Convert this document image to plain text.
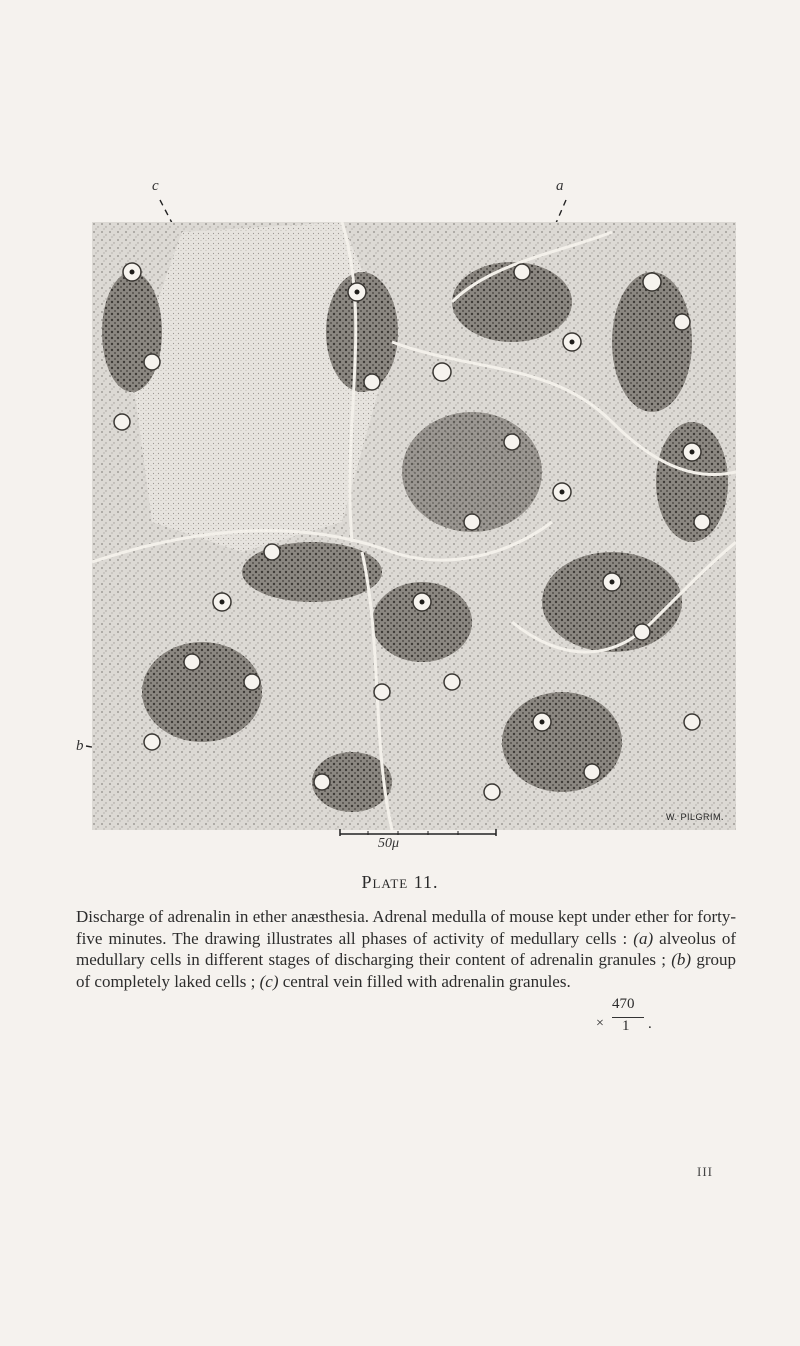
c	a
b
50μ
W. PILGRIM.
Plate 11.
Discharge of adrenalin in ether anæsthesia. Adrenal medulla of mouse kept under ether for forty-five minutes. The drawing illustrates all phases of activity of medullary cells : (a) alveolus of medullary cells in different stages of discharging their content of adrenalin granules ; (b) group of completely laked cells ; (c) central vein filled with adrenalin granules.
×
470
1 .
III
